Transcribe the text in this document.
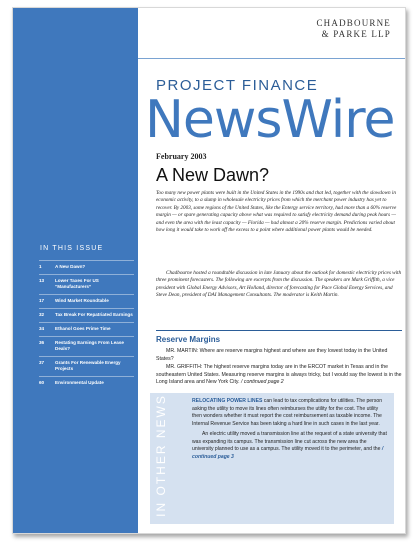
IN THIS ISSUE
1	A New Dawn?
13 Lower Taxes For US “Manufacturers”
17 Wind Market Roundtable
32 Tax Break For Repatriated Earnings
34 Ethanol Goes Prime Time
36 Restating Earnings From Lease Deals?
37 Grants For Renewable Energy Projects
60 Environmental Update
CHADBOURNE
& PARKE LLP
PROJECT FINANCE
NewsWire
February 2003
A New Dawn?
Too many new power plants were built in the United States in the 1990s and that led, together with the slowdown in economic activity, to a slump in wholesale electricity prices from which the merchant power industry has yet to recover. By 2003, some regions of the United States, like the Entergy service territory, had more than a 60% reserve margin — or spare generating capacity above what was required to satisfy electricity demand during peak hours — and even the area with the least capacity — Florida — had almost a 20% reserve margin. Predictions varied about how long it would take to work off the excess to a point where additional power plants would be needed.
Chadbourne hosted a roundtable discussion in late January about the outlook for domestic electricity prices with three prominent forecasters. The following are excerpts from the discussion. The speakers are Mark Griffith, a vice president with Global Energy Advisors, Art Holland, director of forecasting for Pace Global Energy Services, and Steve Dean, president of DAI Management Consultants. The moderator is Keith Martin.
Reserve Margins
MR. MARTIN: Where are reserve margins highest and where are they lowest today in the United States?
MR. GRIFFITH: The highest reserve margins today are in the ERCOT market in Texas and in the southeastern United States. Measuring reserve margins is always tricky, but I would say the lowest is in the Long Island area and New York City. / continued page 2
IN OTHER NEWS	RELOCATING POWER LINES can lead to tax complications for utilities. The person asking the utility to move its lines often reimburses the utility for the cost. The utility then wonders whether it must report the cost reimbursement as taxable income. The Internal Revenue Service has been taking a hard line in such cases in the last year.

An electric utility moved a transmission line at the request of a state university that was expanding its campus. The transmission line cut across the new area the university planned to use as a campus. The utility moved it to the perimeter, and the / continued page 3
